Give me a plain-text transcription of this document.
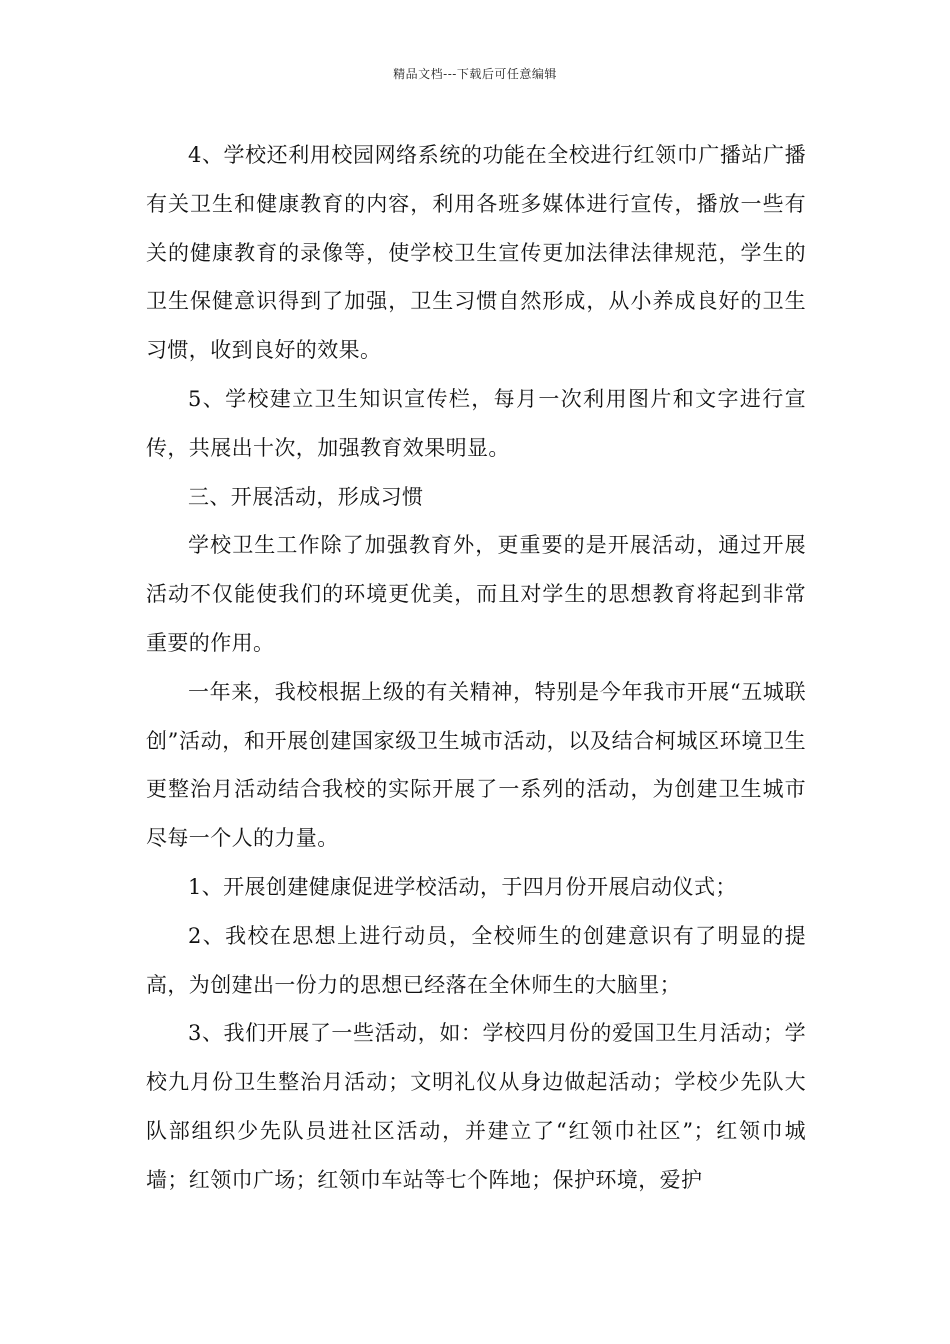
精品文档---下载后可任意编辑

4、学校还利用校园网络系统的功能在全校进行红领巾广播站广播有关卫生和健康教育的内容，利用各班多媒体进行宣传，播放一些有关的健康教育的录像等，使学校卫生宣传更加法律法律规范，学生的卫生保健意识得到了加强，卫生习惯自然形成，从小养成良好的卫生习惯，收到良好的效果。

5、学校建立卫生知识宣传栏，每月一次利用图片和文字进行宣传，共展出十次，加强教育效果明显。

三、开展活动，形成习惯

学校卫生工作除了加强教育外，更重要的是开展活动，通过开展活动不仅能使我们的环境更优美，而且对学生的思想教育将起到非常重要的作用。

一年来，我校根据上级的有关精神，特别是今年我市开展“五城联创”活动，和开展创建国家级卫生城市活动，以及结合柯城区环境卫生更整治月活动结合我校的实际开展了一系列的活动，为创建卫生城市尽每一个人的力量。

1、开展创建健康促进学校活动，于四月份开展启动仪式；

2、我校在思想上进行动员，全校师生的创建意识有了明显的提高，为创建出一份力的思想已经落在全休师生的大脑里；

3、我们开展了一些活动，如：学校四月份的爱国卫生月活动；学校九月份卫生整治月活动；文明礼仪从身边做起活动；学校少先队大队部组织少先队员进社区活动，并建立了“红领巾社区”；红领巾城墙；红领巾广场；红领巾车站等七个阵地；保护环境，爱护
